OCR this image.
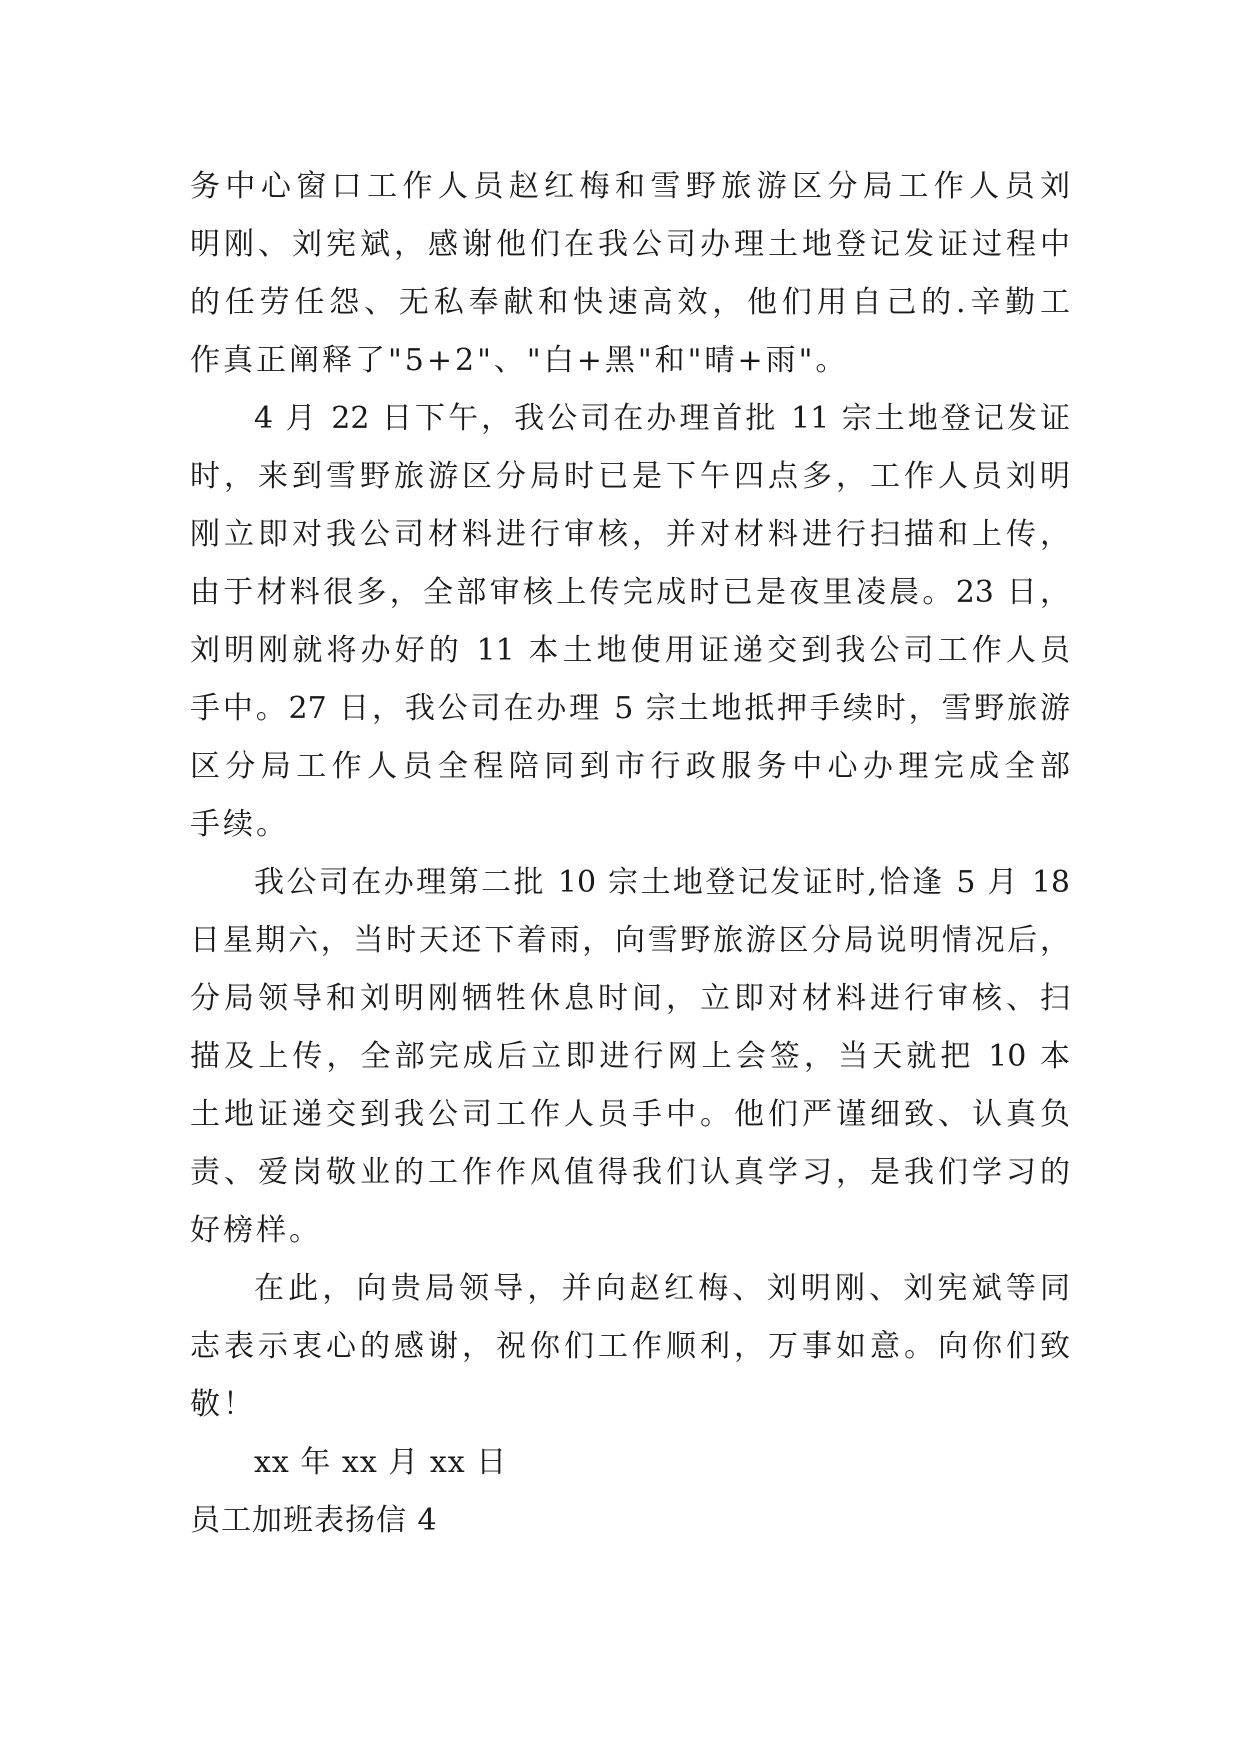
务中心窗口工作人员赵红梅和雪野旅游区分局工作人员刘
明刚、刘宪斌，感谢他们在我公司办理土地登记发证过程中
的任劳任怨、无私奉献和快速高效，他们用自己的.辛勤工
作真正阐释了"5+2"、"白+黑"和"晴+雨"。
4 月 22 日下午，我公司在办理首批 11 宗土地登记发证
时，来到雪野旅游区分局时已是下午四点多，工作人员刘明
刚立即对我公司材料进行审核，并对材料进行扫描和上传，
由于材料很多，全部审核上传完成时已是夜里凌晨。23 日，
刘明刚就将办好的 11 本土地使用证递交到我公司工作人员
手中。27 日，我公司在办理 5 宗土地抵押手续时，雪野旅游
区分局工作人员全程陪同到市行政服务中心办理完成全部
手续。
我公司在办理第二批 10 宗土地登记发证时,恰逢 5 月 18
日星期六，当时天还下着雨，向雪野旅游区分局说明情况后，
分局领导和刘明刚牺牲休息时间，立即对材料进行审核、扫
描及上传，全部完成后立即进行网上会签，当天就把 10 本
土地证递交到我公司工作人员手中。他们严谨细致、认真负
责、爱岗敬业的工作作风值得我们认真学习，是我们学习的
好榜样。
在此，向贵局领导，并向赵红梅、刘明刚、刘宪斌等同
志表示衷心的感谢，祝你们工作顺利，万事如意。向你们致
敬！
xx 年 xx 月 xx 日
员工加班表扬信 4
